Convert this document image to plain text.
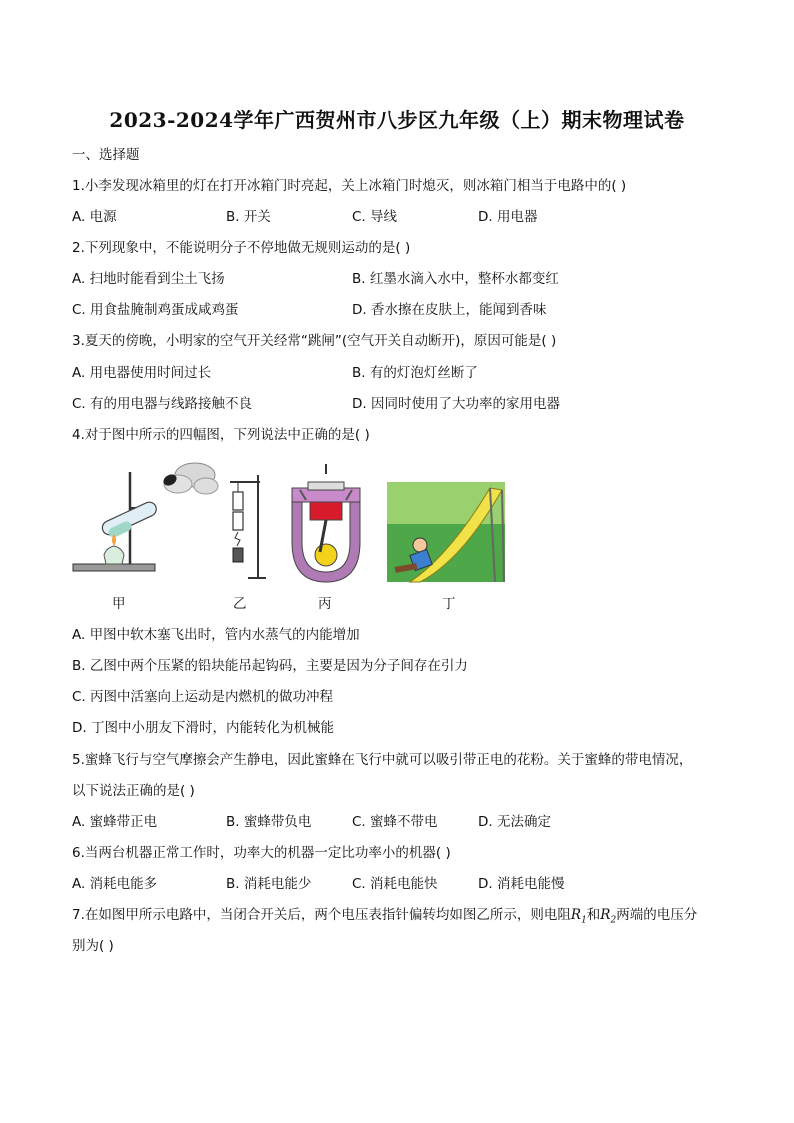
2023-2024学年广西贺州市八步区九年级（上）期末物理试卷
一、选择题
1.小李发现冰箱里的灯在打开冰箱门时亮起，关上冰箱门时熄灭，则冰箱门相当于电路中的( )
A. 电源	B. 开关	C. 导线	D. 用电器
2.下列现象中，不能说明分子不停地做无规则运动的是( )
A. 扫地时能看到尘土飞扬	B. 红墨水滴入水中，整杯水都变红
C. 用食盐腌制鸡蛋成咸鸡蛋	D. 香水擦在皮肤上，能闻到香味
3.夏天的傍晚，小明家的空气开关经常“跳闸”(空气开关自动断开)，原因可能是( )
A. 用电器使用时间过长	B. 有的灯泡灯丝断了
C. 有的用电器与线路接触不良	D. 因同时使用了大功率的家用电器
4.对于图中所示的四幅图，下列说法中正确的是( )
甲	乙	丙	丁
A. 甲图中软木塞飞出时，管内水蒸气的内能增加
B. 乙图中两个压紧的铅块能吊起钩码，主要是因为分子间存在引力
C. 丙图中活塞向上运动是内燃机的做功冲程
D. 丁图中小朋友下滑时，内能转化为机械能
5.蜜蜂飞行与空气摩擦会产生静电，因此蜜蜂在飞行中就可以吸引带正电的花粉。关于蜜蜂的带电情况，
以下说法正确的是( )
A. 蜜蜂带正电	B. 蜜蜂带负电	C. 蜜蜂不带电	D. 无法确定
6.当两台机器正常工作时，功率大的机器一定比功率小的机器( )
A. 消耗电能多	B. 消耗电能少	C. 消耗电能快	D. 消耗电能慢
7.在如图甲所示电路中，当闭合开关后，两个电压表指针偏转均如图乙所示，则电阻$R_1$和$R_2$两端的电压分
别为( )
